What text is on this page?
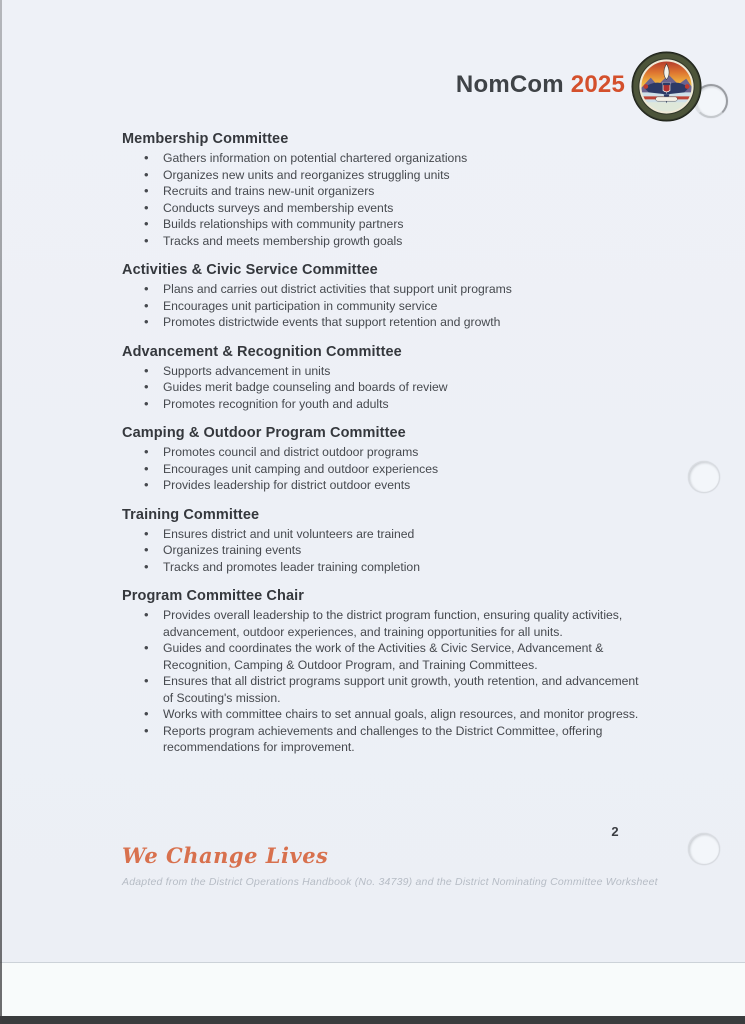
NomCom 2025
Membership Committee
• Gathers information on potential chartered organizations
• Organizes new units and reorganizes struggling units
• Recruits and trains new-unit organizers
• Conducts surveys and membership events
• Builds relationships with community partners
• Tracks and meets membership growth goals
Activities & Civic Service Committee
• Plans and carries out district activities that support unit programs
• Encourages unit participation in community service
• Promotes districtwide events that support retention and growth
Advancement & Recognition Committee
• Supports advancement in units
• Guides merit badge counseling and boards of review
• Promotes recognition for youth and adults
Camping & Outdoor Program Committee
• Promotes council and district outdoor programs
• Encourages unit camping and outdoor experiences
• Provides leadership for district outdoor events
Training Committee
• Ensures district and unit volunteers are trained
• Organizes training events
• Tracks and promotes leader training completion
Program Committee Chair
• Provides overall leadership to the district program function, ensuring quality activities, advancement, outdoor experiences, and training opportunities for all units.
• Guides and coordinates the work of the Activities & Civic Service, Advancement & Recognition, Camping & Outdoor Program, and Training Committees.
• Ensures that all district programs support unit growth, youth retention, and advancement of Scouting's mission.
• Works with committee chairs to set annual goals, align resources, and monitor progress.
• Reports program achievements and challenges to the District Committee, offering recommendations for improvement.
2
We Change Lives
Adapted from the District Operations Handbook (No. 34739) and the District Nominating Committee Worksheet
